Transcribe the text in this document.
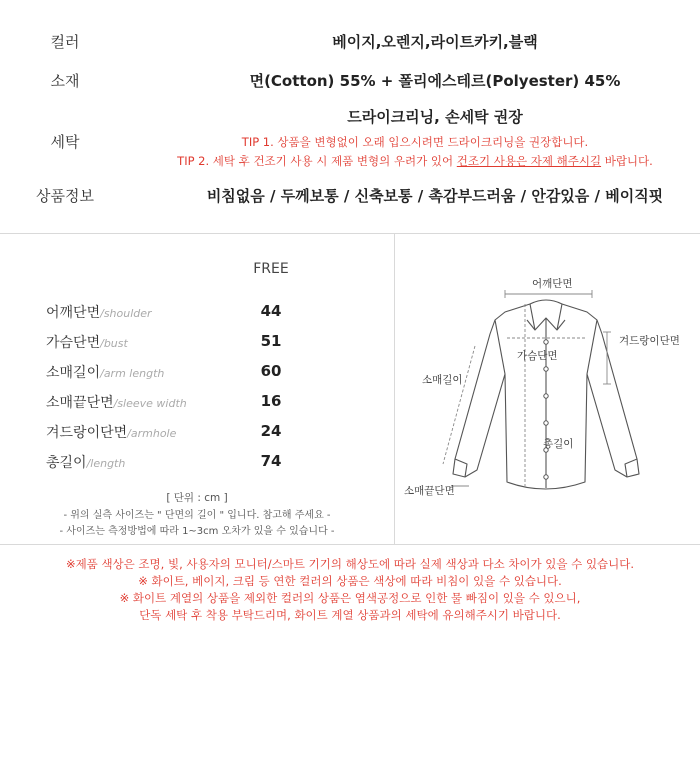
컬러	베이지,오렌지,라이트카키,블랙
소재	면(Cotton) 55% + 폴리에스테르(Polyester) 45%
세탁
드라이크리닝, 손세탁 권장
TIP 1. 상품을 변형없이 오래 입으시려면 드라이크리닝을 권장합니다.
TIP 2. 세탁 후 건조기 사용 시 제품 변형의 우려가 있어 건조기 사용은 자제 해주시길 바랍니다.
상품정보	비침없음 / 두께보통 / 신축보통 / 촉감부드러움 / 안감있음 / 베이직핏
FREE
어깨단면/shoulder	44
가슴단면/bust	51
소매길이/arm length	60
소매끝단면/sleeve width	16
겨드랑이단면/armhole	24
총길이/length	74
[ 단위 : cm ]
- 위의 실측 사이즈는 " 단면의 길이 " 입니다. 참고해 주세요 -
- 사이즈는 측정방법에 따라 1~3cm 오차가 있을 수 있습니다 -
어깨단면
겨드랑이단면
가슴단면
소매길이
총길이
소매끝단면
※제품 색상은 조명, 빛, 사용자의 모니터/스마트 기기의 해상도에 따라 실제 색상과 다소 차이가 있을 수 있습니다.
※ 화이트, 베이지, 크림 등 연한 컬러의 상품은 색상에 따라 비침이 있을 수 있습니다.
※ 화이트 계열의 상품을 제외한 컬러의 상품은 염색공정으로 인한 물 빠짐이 있을 수 있으니,
단독 세탁 후 착용 부탁드리며, 화이트 계열 상품과의 세탁에 유의해주시기 바랍니다.
